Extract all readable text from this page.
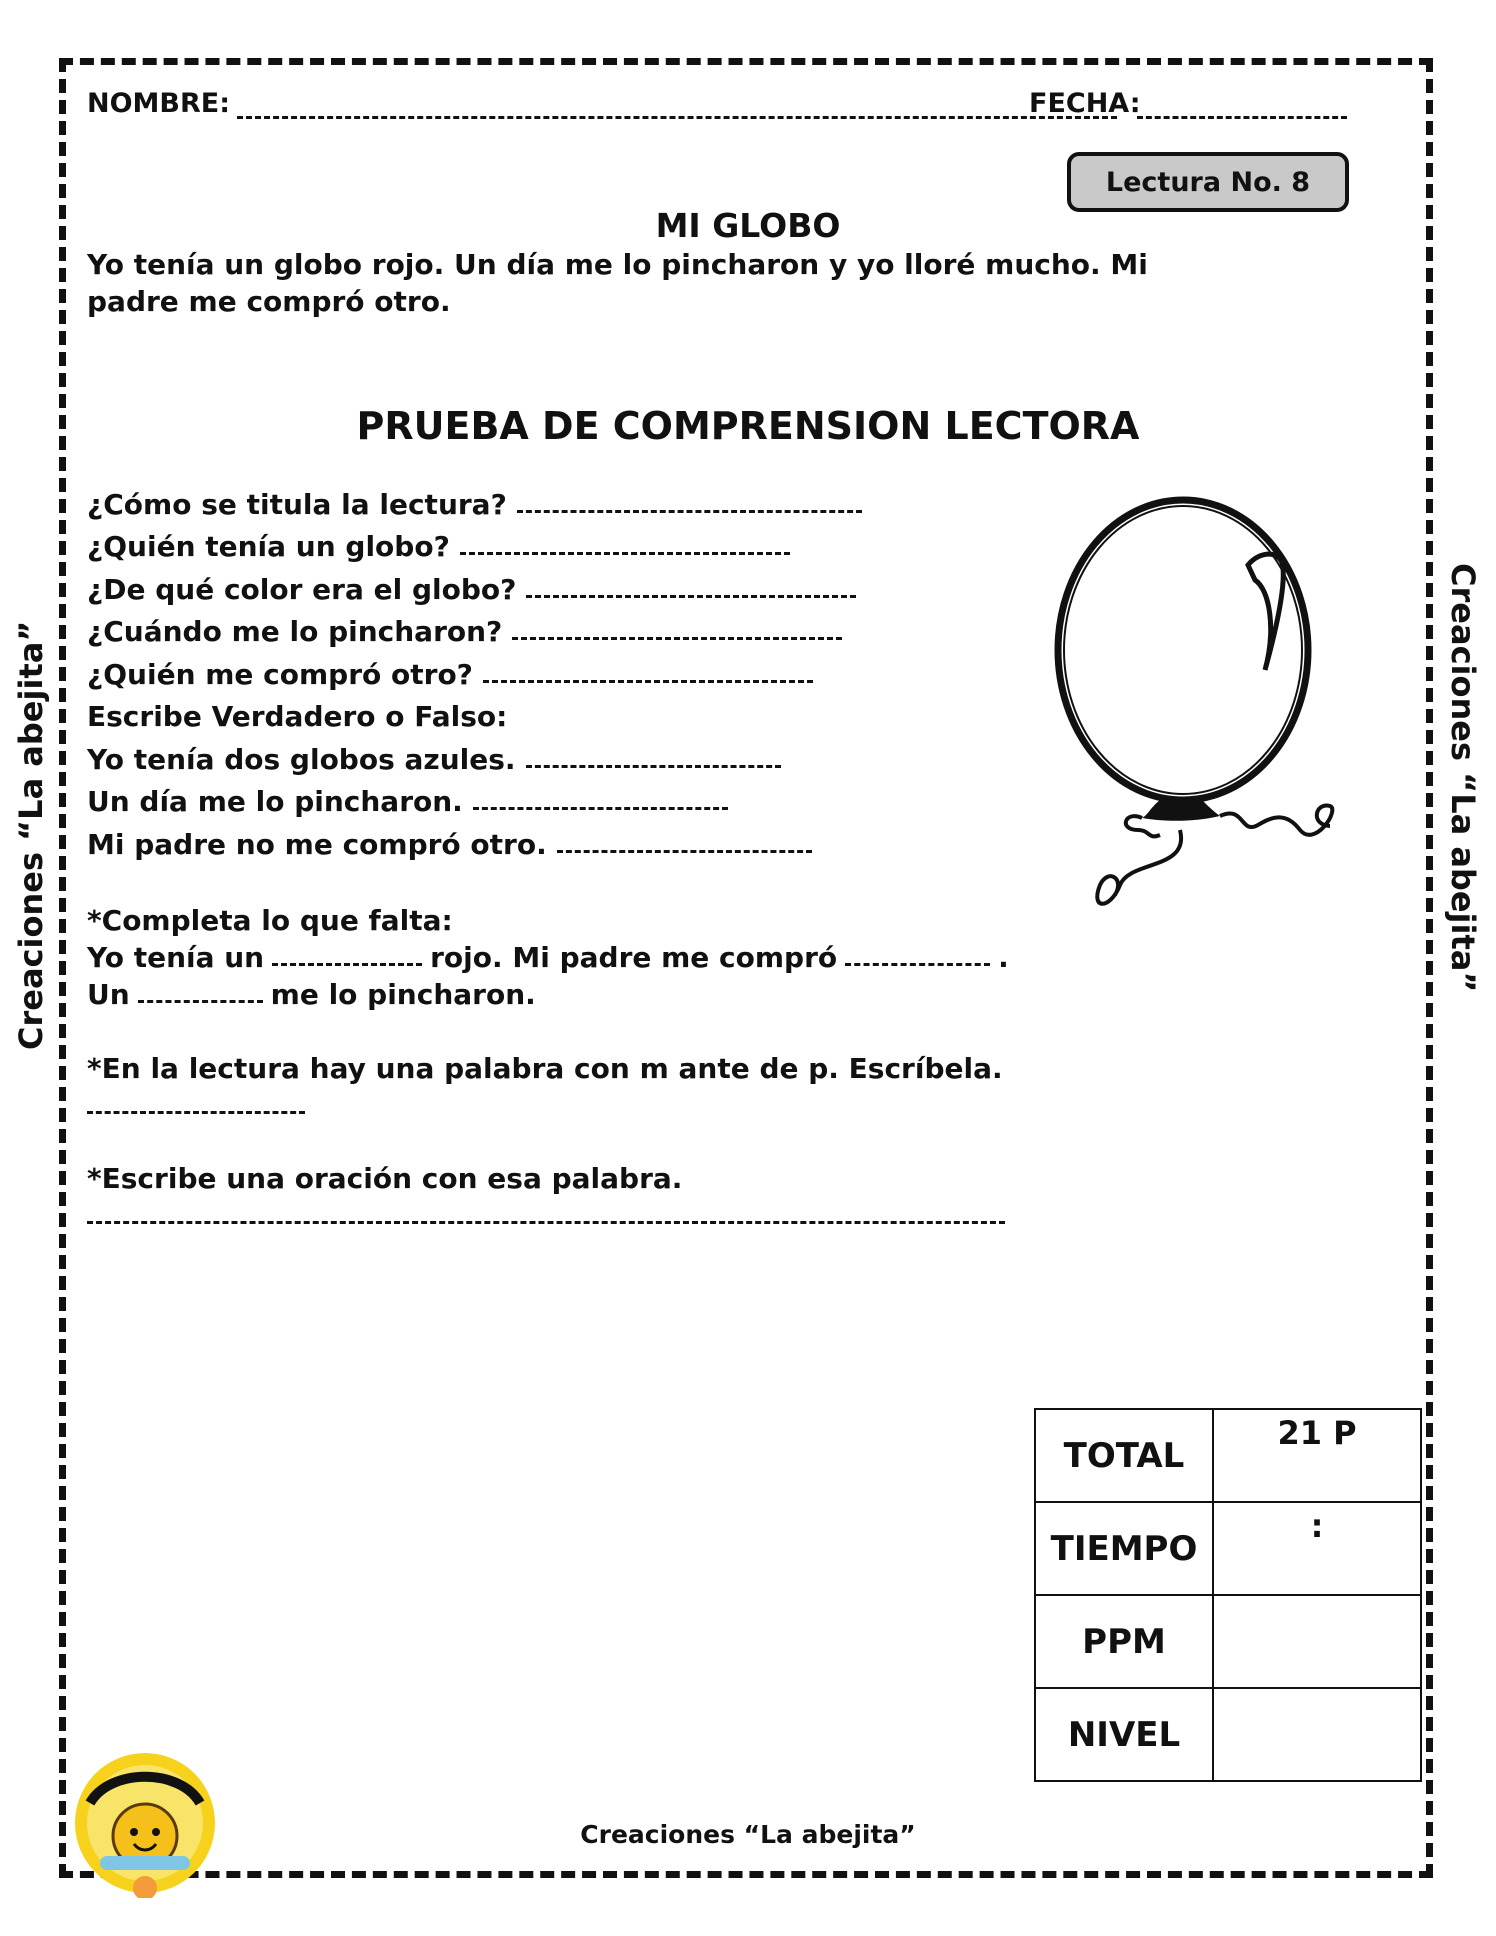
NOMBRE:	FECHA:
Lectura No. 8
MI GLOBO
Yo tenía un globo rojo. Un día me lo pincharon y yo lloré mucho. Mi padre me compró otro.
PRUEBA DE COMPRENSION LECTORA
¿Cómo se titula la lectura?
¿Quién tenía un globo?
¿De qué color era el globo?
¿Cuándo me lo pincharon?
¿Quién me compró otro?
Escribe Verdadero o Falso:
Yo tenía dos globos azules.
Un día me lo pincharon.
Mi padre no me compró otro.
*Completa lo que falta:
Yo tenía un	rojo. Mi padre me compró	.
Un	me lo pincharon.
*En la lectura hay una palabra con m ante de p. Escríbela.
*Escribe una oración con esa palabra.
Creaciones “La abejita”	Creaciones “La abejita”
TOTAL	21 P

TIEMPO	:

PPM	

NIVEL	
Creaciones “La abejita”
